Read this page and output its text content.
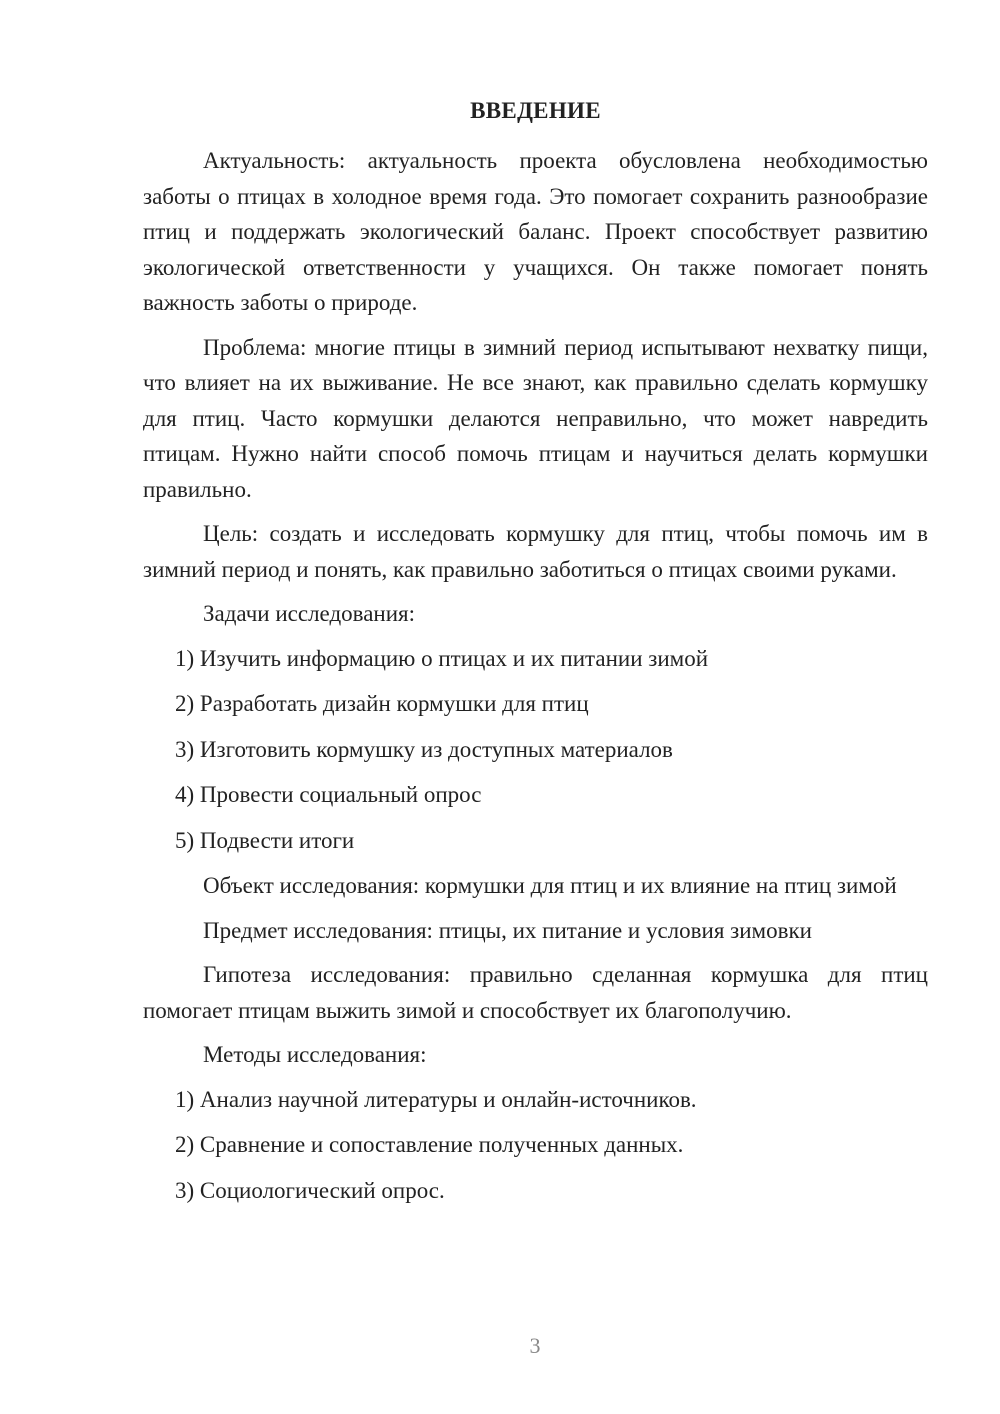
ВВЕДЕНИЕ

Актуальность: актуальность проекта обусловлена необходимостью заботы о птицах в холодное время года. Это помогает сохранить разнообразие птиц и поддержать экологический баланс. Проект способствует развитию экологической ответственности у учащихся. Он также помогает понять важность заботы о природе.

Проблема: многие птицы в зимний период испытывают нехватку пищи, что влияет на их выживание. Не все знают, как правильно сделать кормушку для птиц. Часто кормушки делаются неправильно, что может навредить птицам. Нужно найти способ помочь птицам и научиться делать кормушки правильно.

Цель: создать и исследовать кормушку для птиц, чтобы помочь им в зимний период и понять, как правильно заботиться о птицах своими руками.

Задачи исследования:

1) Изучить информацию о птицах и их питании зимой
2) Разработать дизайн кормушки для птиц
3) Изготовить кормушку из доступных материалов
4) Провести социальный опрос
5) Подвести итоги

Объект исследования: кормушки для птиц и их влияние на птиц зимой

Предмет исследования: птицы, их питание и условия зимовки

Гипотеза исследования: правильно сделанная кормушка для птиц помогает птицам выжить зимой и способствует их благополучию.

Методы исследования:

1) Анализ научной литературы и онлайн-источников.
2) Сравнение и сопоставление полученных данных.
3) Социологический опрос.
3
